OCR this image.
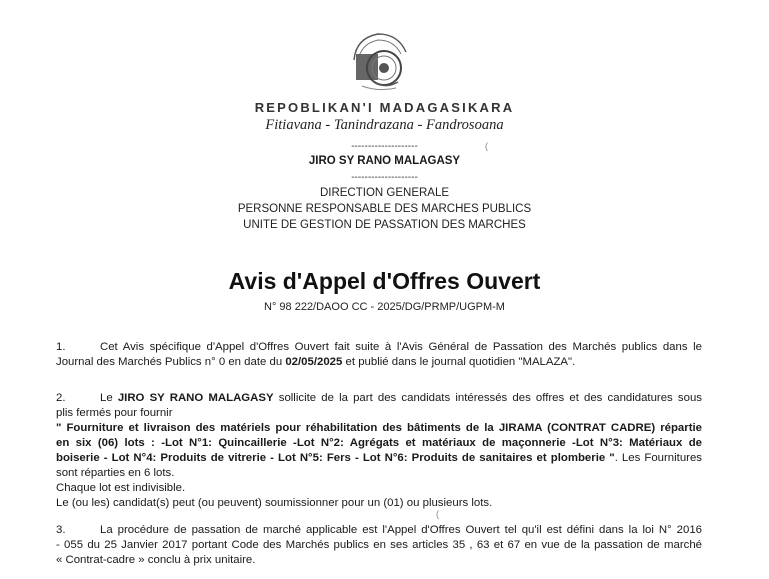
REPOBLIKAN'I MADAGASIKARA
Fitiavana - Tanindrazana - Fandrosoana
--------------------	(
JIRO SY RANO MALAGASY
--------------------
DIRECTION GENERALE
PERSONNE RESPONSABLE DES MARCHES PUBLICS
UNITE DE GESTION DE PASSATION DES MARCHES
Avis d'Appel d'Offres Ouvert
N° 98 222/DAOO CC - 2025/DG/PRMP/UGPM-M
1.	Cet Avis spécifique d'Appel d'Offres Ouvert fait suite à l'Avis Général de Passation des Marchés publics dans le
Journal des Marchés Publics n° 0 en date du 02/05/2025 et publié dans le journal quotidien "MALAZA".
2.	Le JIRO SY RANO MALAGASY sollicite de la part des candidats intéressés des offres et des candidatures sous
plis fermés pour fournir
" Fourniture et livraison des matériels pour réhabilitation des bâtiments de la JIRAMA (CONTRAT CADRE) répartie
en six (06) lots : -Lot N°1: Quincaillerie -Lot N°2: Agrégats et matériaux de maçonnerie -Lot N°3: Matériaux de
boiserie - Lot N°4: Produits de vitrerie - Lot N°5: Fers - Lot N°6: Produits de sanitaires et plomberie ". Les Fournitures
sont réparties en 6 lots.
Chaque lot est indivisible.
Le (ou les) candidat(s) peut (ou peuvent) soumissionner pour un (01) ou plusieurs lots.
(
3.	La procédure de passation de marché applicable est l'Appel d'Offres Ouvert tel qu'il est défini dans la loi N° 2016
- 055 du 25 Janvier 2017 portant Code des Marchés publics en ses articles 35 , 63 et 67 en vue de la passation de marché
« Contrat-cadre » conclu à prix unitaire.
